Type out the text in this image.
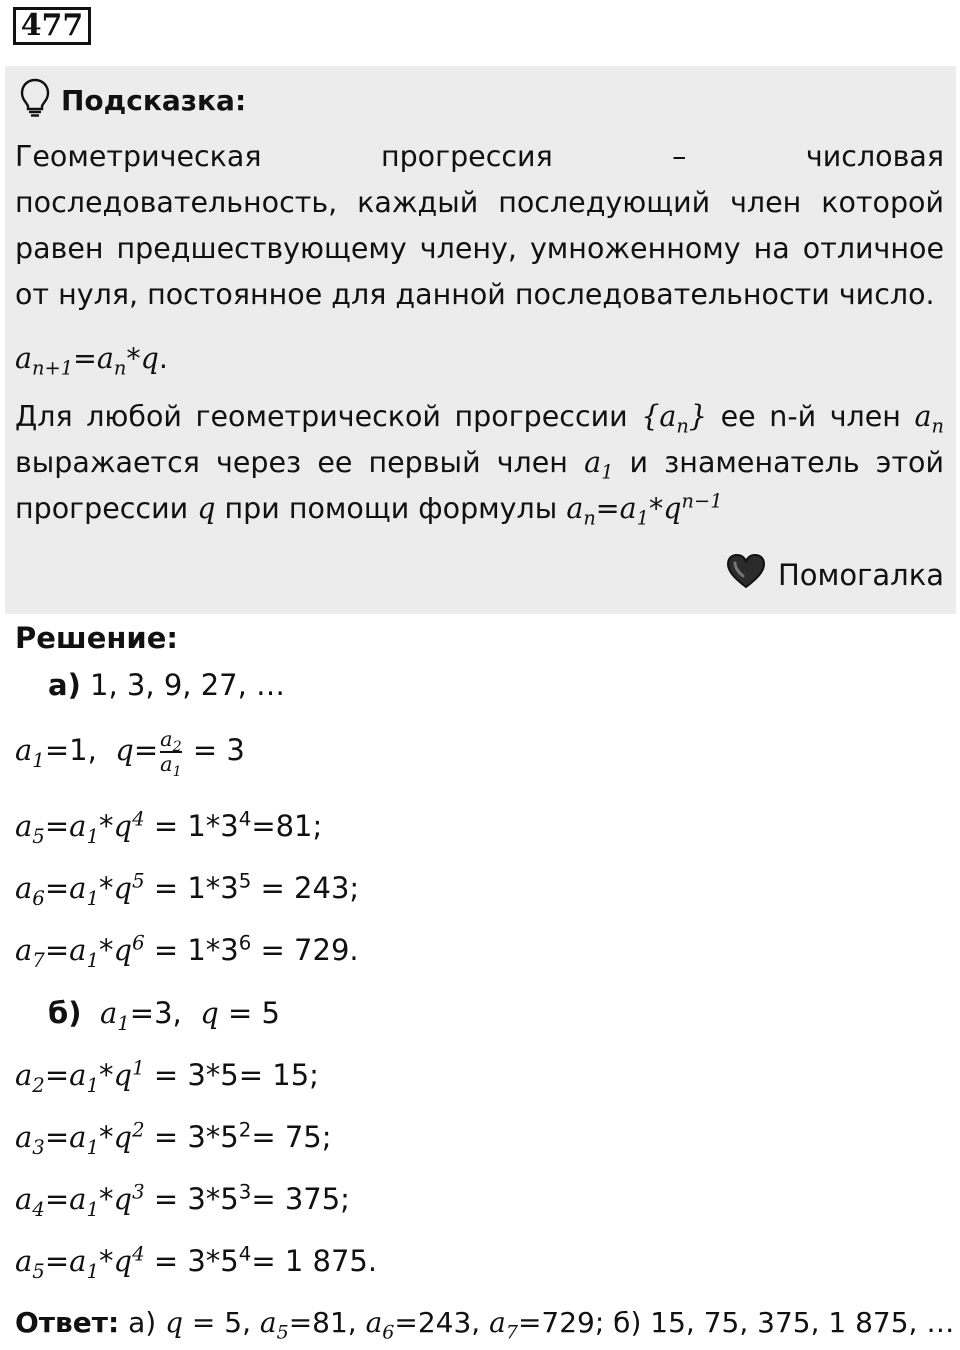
477
Подсказка:
Геометрическая прогрессия – числовая последовательность, каждый последующий член которой равен предшествующему члену, умноженному на отличное от нуля, постоянное для данной последовательности число.
$a_{n+1}=a_n*q$.
Для любой геометрической прогрессии $\{a_n\}$ ее n-й член $a_n$ выражается через ее первый член $a_1$ и знаменатель этой прогрессии q при помощи формулы $a_n=a_1*q^{n-1}$
Помогалка
Решение:
а) 1, 3, 9, 27, …
$a_1=1$,  $q= \frac{a_2}{a_1} = 3$
$a_5=a_1*q^4 = 1*3^4=81$;
$a_6=a_1*q^5 = 1*3^5 = 243$;
$a_7=a_1*q^6 = 1*3^6 = 729$.
б) $a_1=3$,  q = 5
$a_2=a_1*q^1 = 3*5= 15$;
$a_3=a_1*q^2 = 3*5^2= 75$;
$a_4=a_1*q^3 = 3*5^3= 375$;
$a_5=a_1*q^4 = 3*5^4= 1$ 875.
Ответ: а) q = 5, $a_5=81$, $a_6=243$, $a_7=729$; б) 15, 75, 375, 1 875, …
